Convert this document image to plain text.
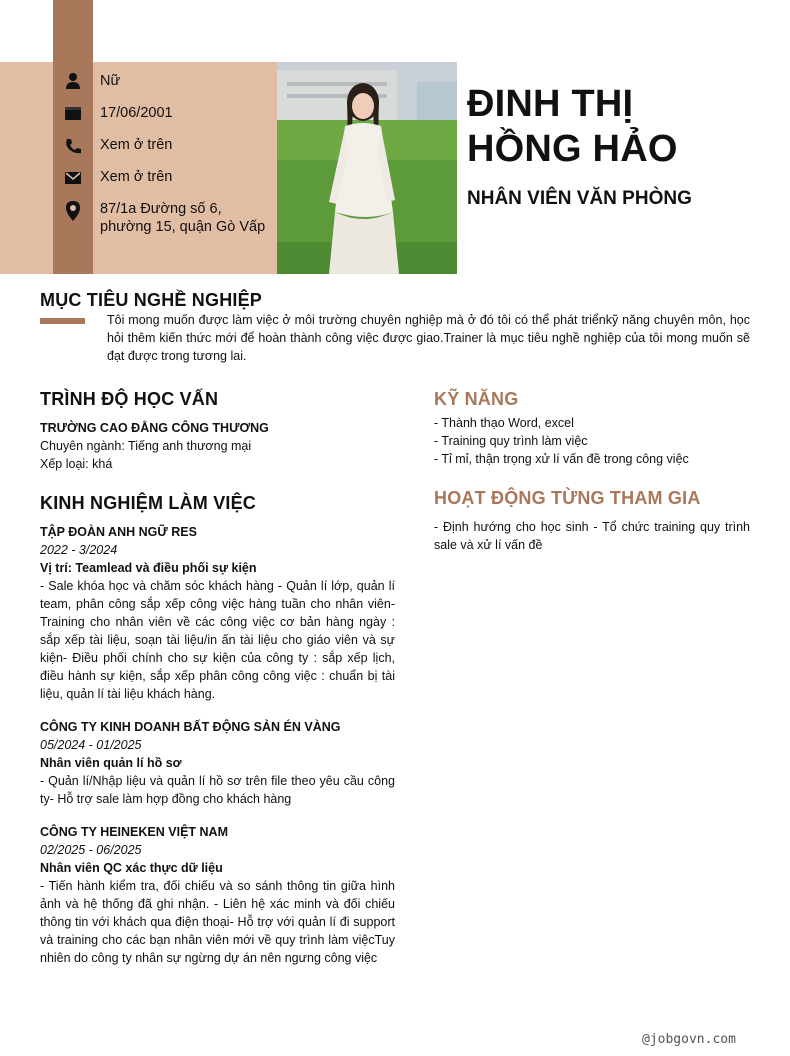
Nữ
17/06/2001
Xem ở trên
Xem ở trên
87/1a Đường số 6,
phường 15, quận Gò Vấp
ĐINH THỊ
HỒNG HẢO
NHÂN VIÊN VĂN PHÒNG
MỤC TIÊU NGHỀ NGHIỆP
Tôi mong muốn được làm việc ở môi trường chuyên nghiệp mà ở đó tôi có thể phát triểnkỹ năng chuyên môn, học hỏi thêm kiến thức mới để hoàn thành công việc được giao.Trainer là mục tiêu nghề nghiệp của tôi mong muốn sẽ đạt được trong tương lai.
TRÌNH ĐỘ HỌC VẤN
TRƯỜNG CAO ĐẲNG CÔNG THƯƠNG
Chuyên ngành: Tiếng anh thương mại
Xếp loại: khá
KINH NGHIỆM LÀM VIỆC
TẬP ĐOÀN ANH NGỮ RES
2022 - 3/2024
Vị trí: Teamlead và điều phối sự kiện
- Sale khóa học và chăm sóc khách hàng - Quản lí lớp, quản lí team, phân công sắp xếp công việc hàng tuần cho nhân viên- Training cho nhân viên về các công việc cơ bản hàng ngày : sắp xếp tài liệu, soạn tài liệu/in ấn tài liệu cho giáo viên và sự kiện- Điều phối chính cho sự kiện của công ty : sắp xếp lịch, điều hành sự kiện, sắp xếp phân công công việc : chuẩn bị tài liệu, quản lí tài liệu khách hàng.
CÔNG TY KINH DOANH BẤT ĐỘNG SẢN ÉN VÀNG
05/2024 - 01/2025
Nhân viên quản lí hồ sơ
- Quản lí/Nhập liệu và quản lí hồ sơ trên file theo yêu cầu công ty- Hỗ trợ sale làm hợp đồng cho khách hàng
CÔNG TY HEINEKEN VIỆT NAM
02/2025 - 06/2025
Nhân viên QC xác thực dữ liệu
- Tiến hành kiểm tra, đối chiếu và so sánh thông tin giữa hình ảnh và hệ thống đã ghi nhận. - Liên hệ xác minh và đối chiếu thông tin với khách qua điện thoại- Hỗ trợ với quản lí đi support và training cho các bạn nhân viên mới về quy trình làm việcTuy nhiên do công ty nhân sự ngừng dự án nên ngưng công việc
KỸ NĂNG
- Thành thạo Word, excel
- Training quy trình làm việc
- Tỉ mỉ, thận trọng xử lí vấn đề trong công việc
HOẠT ĐỘNG TỪNG THAM GIA
- Định hướng cho học sinh - Tổ chức training quy trình sale và xử lí vấn đề
@jobgovn.com
